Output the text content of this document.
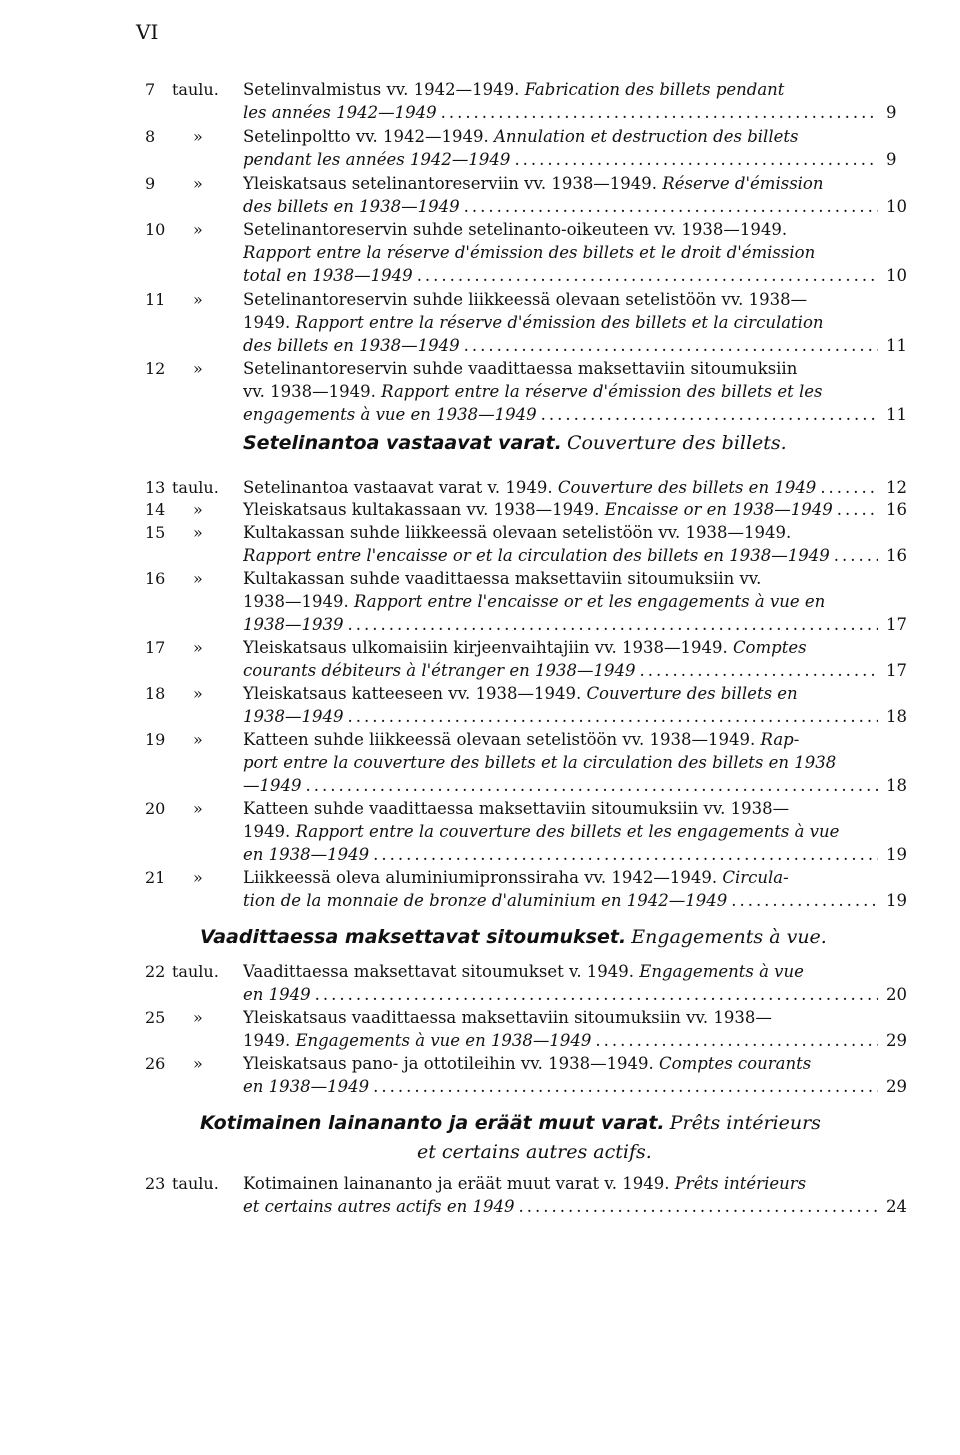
VI
Setelinantoa vastaavat varat. Couverture des billets.
Vaadittaessa maksettavat sitoumukset. Engagements à vue.
Kotimainen lainananto ja eräät muut varat. Prêts intérieurs
et certains autres actifs.
7	taulu. Setelinvalmistus vv. 1942—1949. Fabrication des billets pendant
les années 1942—1949 .....	9
8	» Setelinpoltto vv. 1942—1949. Annulation et destruction des billets
pendant les années 1942—1949 .....	9
9	» Yleiskatsaus setelinantoreserviin vv. 1938—1949. Réserve d'émission
des billets en 1938—1949 .....	10
10 » Setelinantoreservin suhde setelinanto-oikeuteen vv. 1938—1949.
Rapport entre la réserve d'émission des billets et le droit d'émission
total en 1938—1949 .....	10
11 » Setelinantoreservin suhde liikkeessä olevaan setelistöön vv. 1938—
1949. Rapport entre la réserve d'émission des billets et la circulation
des billets en 1938—1949 .....	11
12 » Setelinantoreservin suhde vaadittaessa maksettaviin sitoumuksiin
vv. 1938—1949. Rapport entre la réserve d'émission des billets et les
engagements à vue en 1938—1949 .....	11
13 taulu. Setelinantoa vastaavat varat v. 1949. Couverture des billets en 1949 .....	12
14 » Yleiskatsaus kultakassaan vv. 1938—1949. Encaisse or en 1938—1949 .....	16
15 » Kultakassan suhde liikkeessä olevaan setelistöön vv. 1938—1949.
Rapport entre l'encaisse or et la circulation des billets en 1938—1949 .....	16
16 » Kultakassan suhde vaadittaessa maksettaviin sitoumuksiin vv.
1938—1949. Rapport entre l'encaisse or et les engagements à vue en
1938—1939 .....	17
17 » Yleiskatsaus ulkomaisiin kirjeenvaihtajiin vv. 1938—1949. Comptes
courants débiteurs à l'étranger en 1938—1949 .....	17
18 » Yleiskatsaus katteeseen vv. 1938—1949. Couverture des billets en
1938—1949 .....	18
19 » Katteen suhde liikkeessä olevaan setelistöön vv. 1938—1949. Rap-
port entre la couverture des billets et la circulation des billets en 1938
—1949 .....	18
20 » Katteen suhde vaadittaessa maksettaviin sitoumuksiin vv. 1938—
1949. Rapport entre la couverture des billets et les engagements à vue
en 1938—1949 .....	19
21 » Liikkeessä oleva aluminiumipronssiraha vv. 1942—1949. Circula-
tion de la monnaie de bronze d'aluminium en 1942—1949 .....	19
22 taulu. Vaadittaessa maksettavat sitoumukset v. 1949. Engagements à vue
en 1949 .....	20
25 » Yleiskatsaus vaadittaessa maksettaviin sitoumuksiin vv. 1938—
1949. Engagements à vue en 1938—1949 .....	29
26 » Yleiskatsaus pano- ja ottotileihin vv. 1938—1949. Comptes courants
en 1938—1949 .....	29
23 taulu. Kotimainen lainananto ja eräät muut varat v. 1949. Prêts intérieurs
et certains autres actifs en 1949 .....	24
